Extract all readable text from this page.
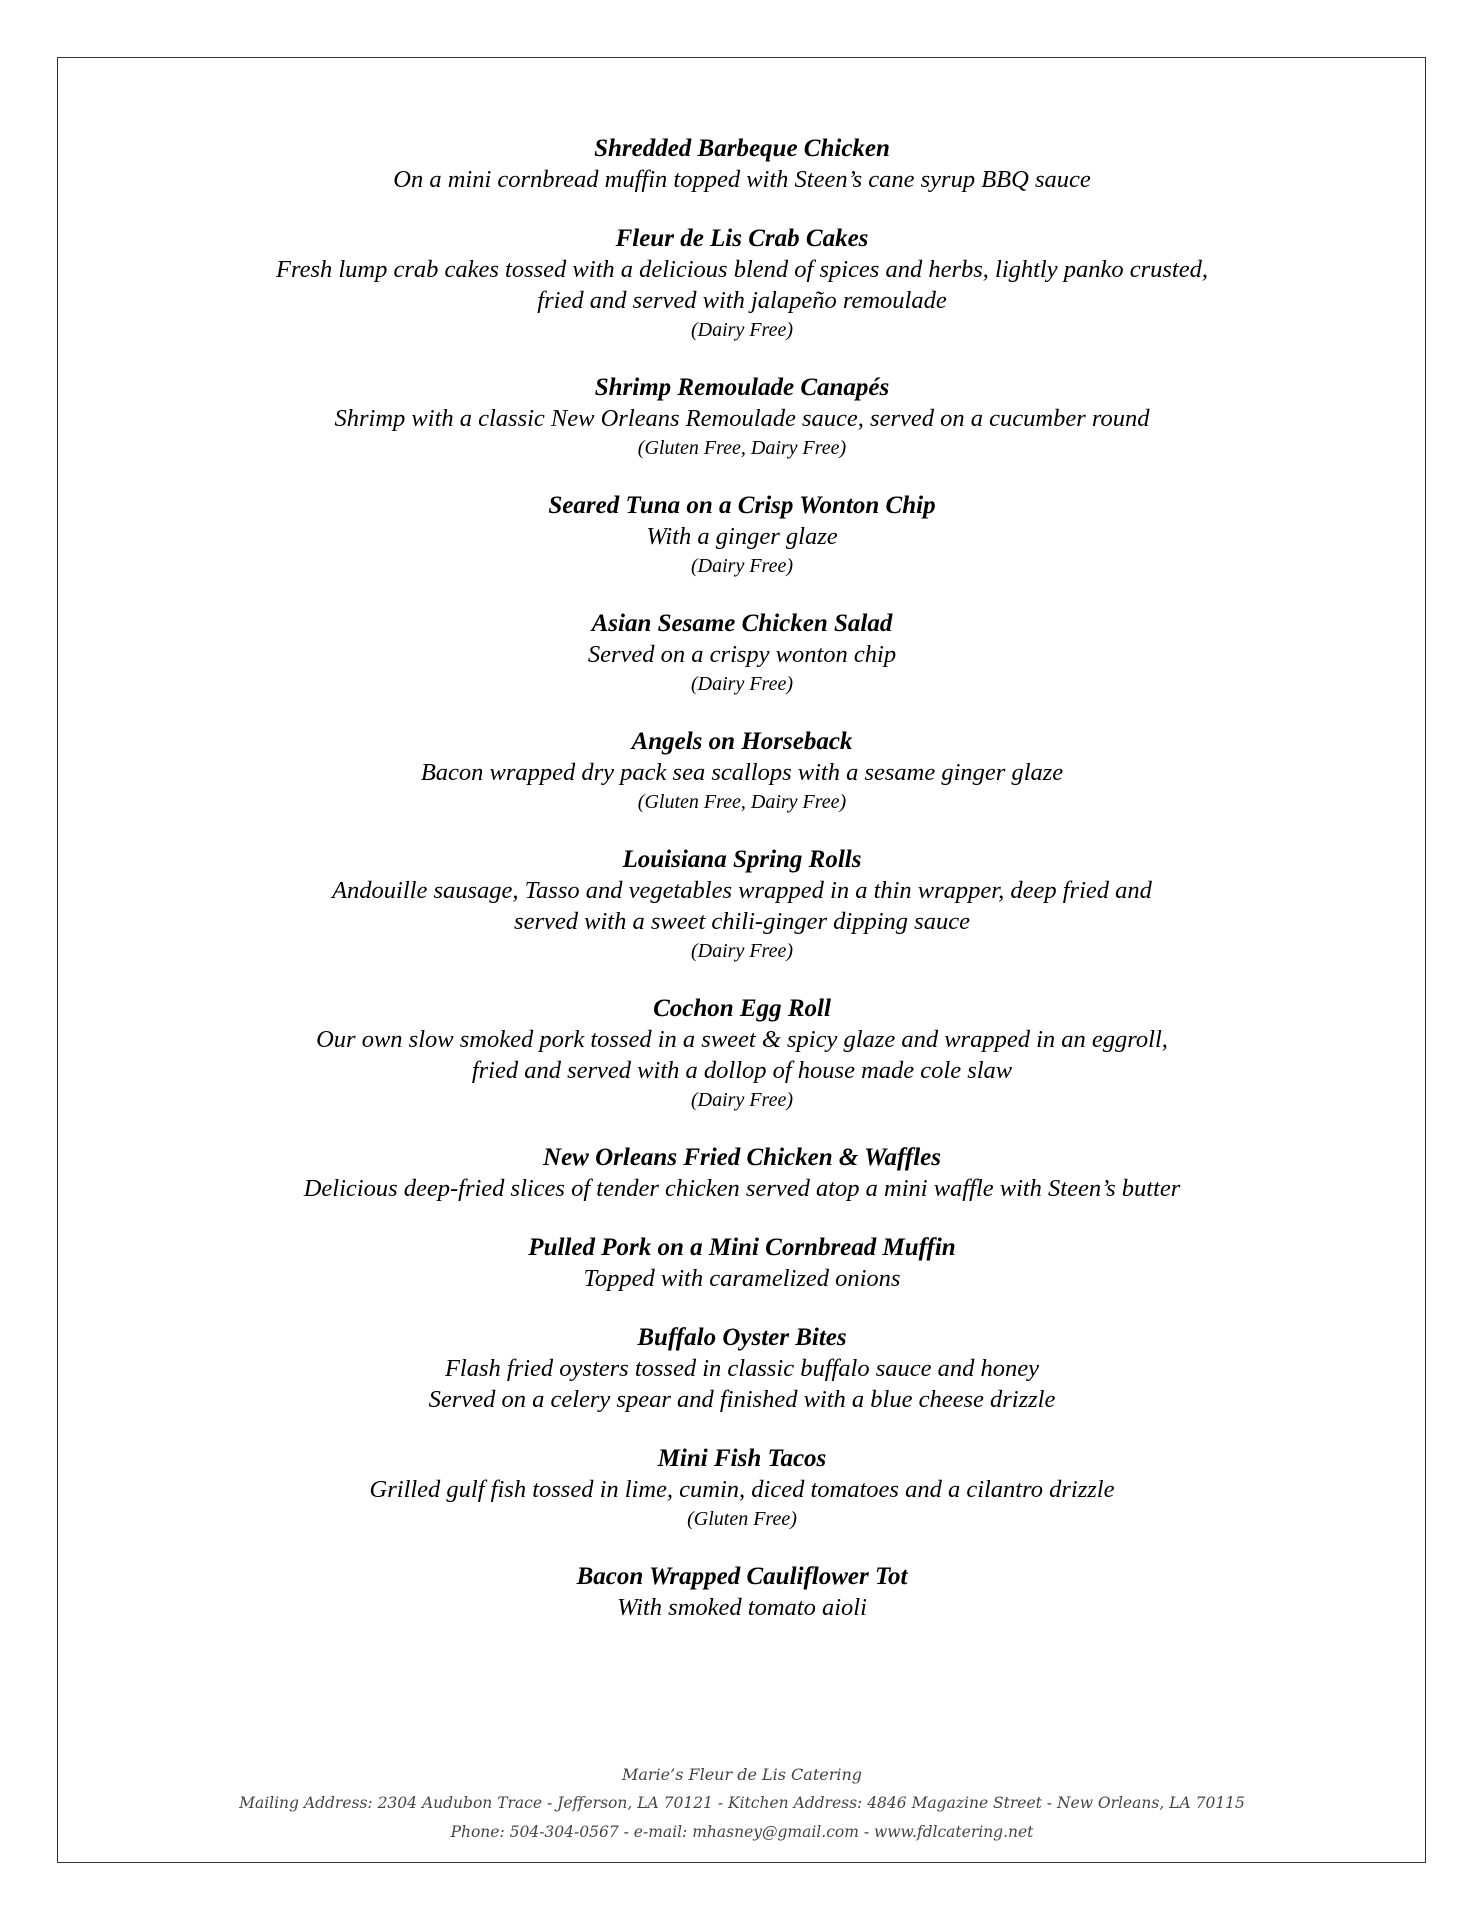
Shredded Barbeque Chicken
On a mini cornbread muffin topped with Steen’s cane syrup BBQ sauce
Fleur de Lis Crab Cakes
Fresh lump crab cakes tossed with a delicious blend of spices and herbs, lightly panko crusted,
fried and served with jalapeño remoulade
(Dairy Free)
Shrimp Remoulade Canapés
Shrimp with a classic New Orleans Remoulade sauce, served on a cucumber round
(Gluten Free, Dairy Free)
Seared Tuna on a Crisp Wonton Chip
With a ginger glaze
(Dairy Free)
Asian Sesame Chicken Salad
Served on a crispy wonton chip
(Dairy Free)
Angels on Horseback
Bacon wrapped dry pack sea scallops with a sesame ginger glaze
(Gluten Free, Dairy Free)
Louisiana Spring Rolls
Andouille sausage, Tasso and vegetables wrapped in a thin wrapper, deep fried and
served with a sweet chili-ginger dipping sauce
(Dairy Free)
Cochon Egg Roll
Our own slow smoked pork tossed in a sweet & spicy glaze and wrapped in an eggroll,
fried and served with a dollop of house made cole slaw
(Dairy Free)
New Orleans Fried Chicken & Waffles
Delicious deep-fried slices of tender chicken served atop a mini waffle with Steen’s butter
Pulled Pork on a Mini Cornbread Muffin
Topped with caramelized onions
Buffalo Oyster Bites
Flash fried oysters tossed in classic buffalo sauce and honey
Served on a celery spear and finished with a blue cheese drizzle
Mini Fish Tacos
Grilled gulf fish tossed in lime, cumin, diced tomatoes and a cilantro drizzle
(Gluten Free)
Bacon Wrapped Cauliflower Tot
With smoked tomato aioli
Marie’s Fleur de Lis Catering
Mailing Address: 2304 Audubon Trace - Jefferson, LA 70121 - Kitchen Address: 4846 Magazine Street - New Orleans, LA 70115
Phone: 504-304-0567 - e-mail: mhasney@gmail.com - www.fdlcatering.net
